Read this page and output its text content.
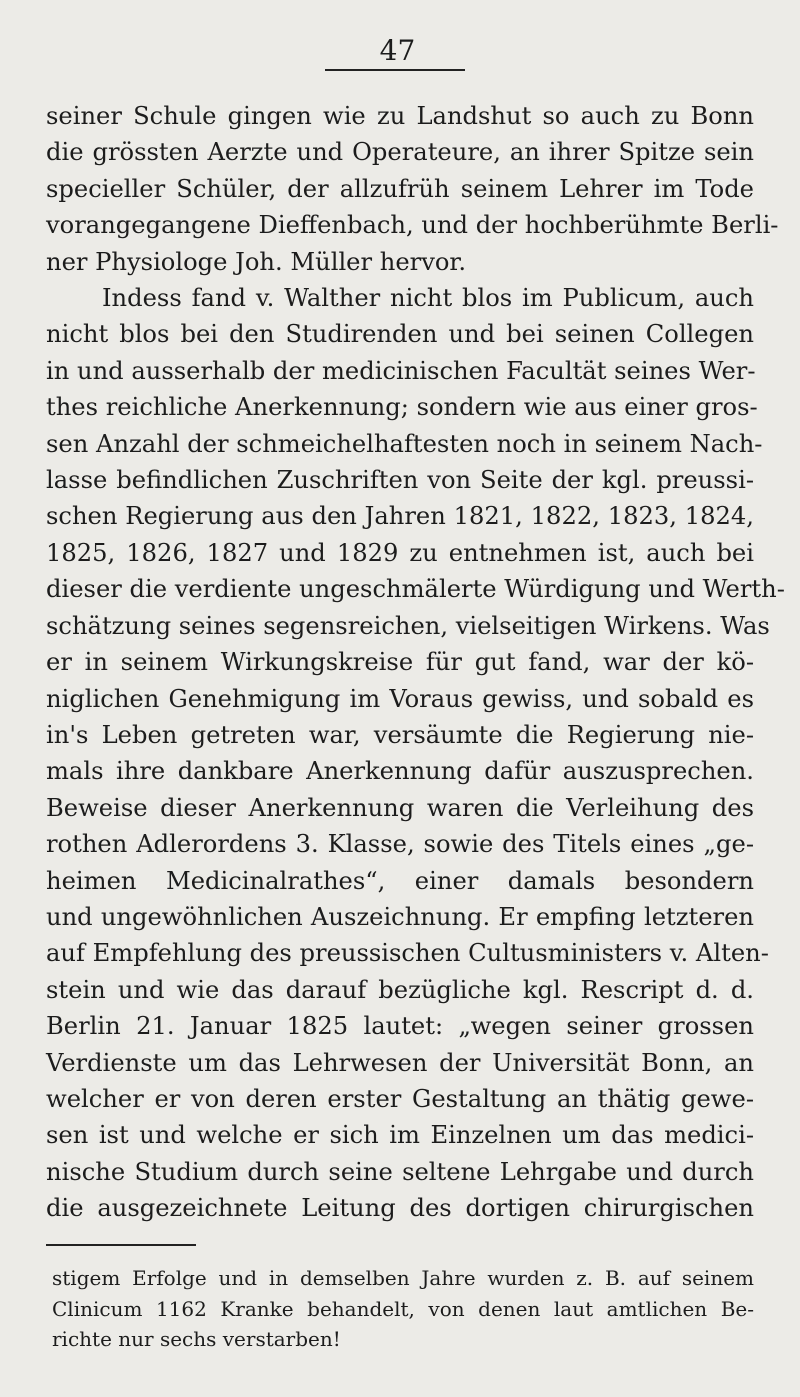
47
seiner Schule gingen wie zu Landshut so auch zu Bonn
die grössten Aerzte und Operateure, an ihrer Spitze sein
specieller Schüler, der allzufrüh seinem Lehrer im Tode
vorangegangene Dieffenbach, und der hochberühmte Berli-
ner Physiologe Joh. Müller hervor.
Indess fand v. Walther nicht blos im Publicum, auch
nicht blos bei den Studirenden und bei seinen Collegen
in und ausserhalb der medicinischen Facultät seines Wer-
thes reichliche Anerkennung; sondern wie aus einer gros-
sen Anzahl der schmeichelhaftesten noch in seinem Nach-
lasse befindlichen Zuschriften von Seite der kgl. preussi-
schen Regierung aus den Jahren 1821, 1822, 1823, 1824,
1825, 1826, 1827 und 1829 zu entnehmen ist, auch bei
dieser die verdiente ungeschmälerte Würdigung und Werth-
schätzung seines segensreichen, vielseitigen Wirkens. Was
er in seinem Wirkungskreise für gut fand, war der kö-
niglichen Genehmigung im Voraus gewiss, und sobald es
in's Leben getreten war, versäumte die Regierung nie-
mals ihre dankbare Anerkennung dafür auszusprechen.
Beweise dieser Anerkennung waren die Verleihung des
rothen Adlerordens 3. Klasse, sowie des Titels eines „ge-
heimen Medicinalrathes“, einer damals besondern
und ungewöhnlichen Auszeichnung. Er empfing letzteren
auf Empfehlung des preussischen Cultusministers v. Alten-
stein und wie das darauf bezügliche kgl. Rescript d. d.
Berlin 21. Januar 1825 lautet: „wegen seiner grossen
Verdienste um das Lehrwesen der Universität Bonn, an
welcher er von deren erster Gestaltung an thätig gewe-
sen ist und welche er sich im Einzelnen um das medici-
nische Studium durch seine seltene Lehrgabe und durch
die ausgezeichnete Leitung des dortigen chirurgischen
stigem Erfolge und in demselben Jahre wurden z. B. auf seinem
Clinicum 1162 Kranke behandelt, von denen laut amtlichen Be-
richte nur sechs verstarben!
